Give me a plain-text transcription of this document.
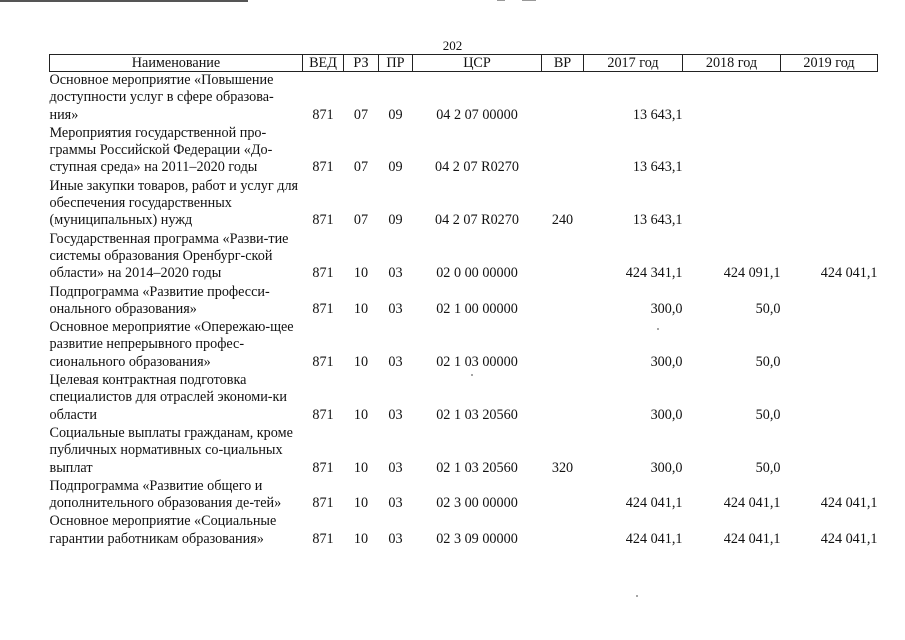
202
Наименование	ВЕД	РЗ	ПР	ЦСР	ВР	2017 год	2018 год	2019 год
Основное мероприятие «Повышение доступности услуг в сфере образова-ния»	871	07	09	04 2 07 00000		13 643,1		
Мероприятия государственной про-граммы Российской Федерации «До-ступная среда» на 2011–2020 годы	871	07	09	04 2 07 R0270		13 643,1		
Иные закупки товаров, работ и услуг для обеспечения государственных (муниципальных) нужд	871	07	09	04 2 07 R0270	240	13 643,1		
Государственная программа «Разви-тие системы образования Оренбург-ской области» на 2014–2020 годы	871	10	03	02 0 00 00000		424 341,1	424 091,1	424 041,1
Подпрограмма «Развитие професси-онального образования»	871	10	03	02 1 00 00000		300,0	50,0	
Основное мероприятие «Опережаю-щее развитие непрерывного профес-сионального образования»	871	10	03	02 1 03 00000		300,0	50,0	
Целевая контрактная подготовка специалистов для отраслей экономи-ки области	871	10	03	02 1 03 20560		300,0	50,0	
Социальные выплаты гражданам, кроме публичных нормативных со-циальных выплат	871	10	03	02 1 03 20560	320	300,0	50,0	
Подпрограмма «Развитие общего и дополнительного образования де-тей»	871	10	03	02 3 00 00000		424 041,1	424 041,1	424 041,1
Основное мероприятие «Социальные гарантии работникам образования»	871	10	03	02 3 09 00000		424 041,1	424 041,1	424 041,1
